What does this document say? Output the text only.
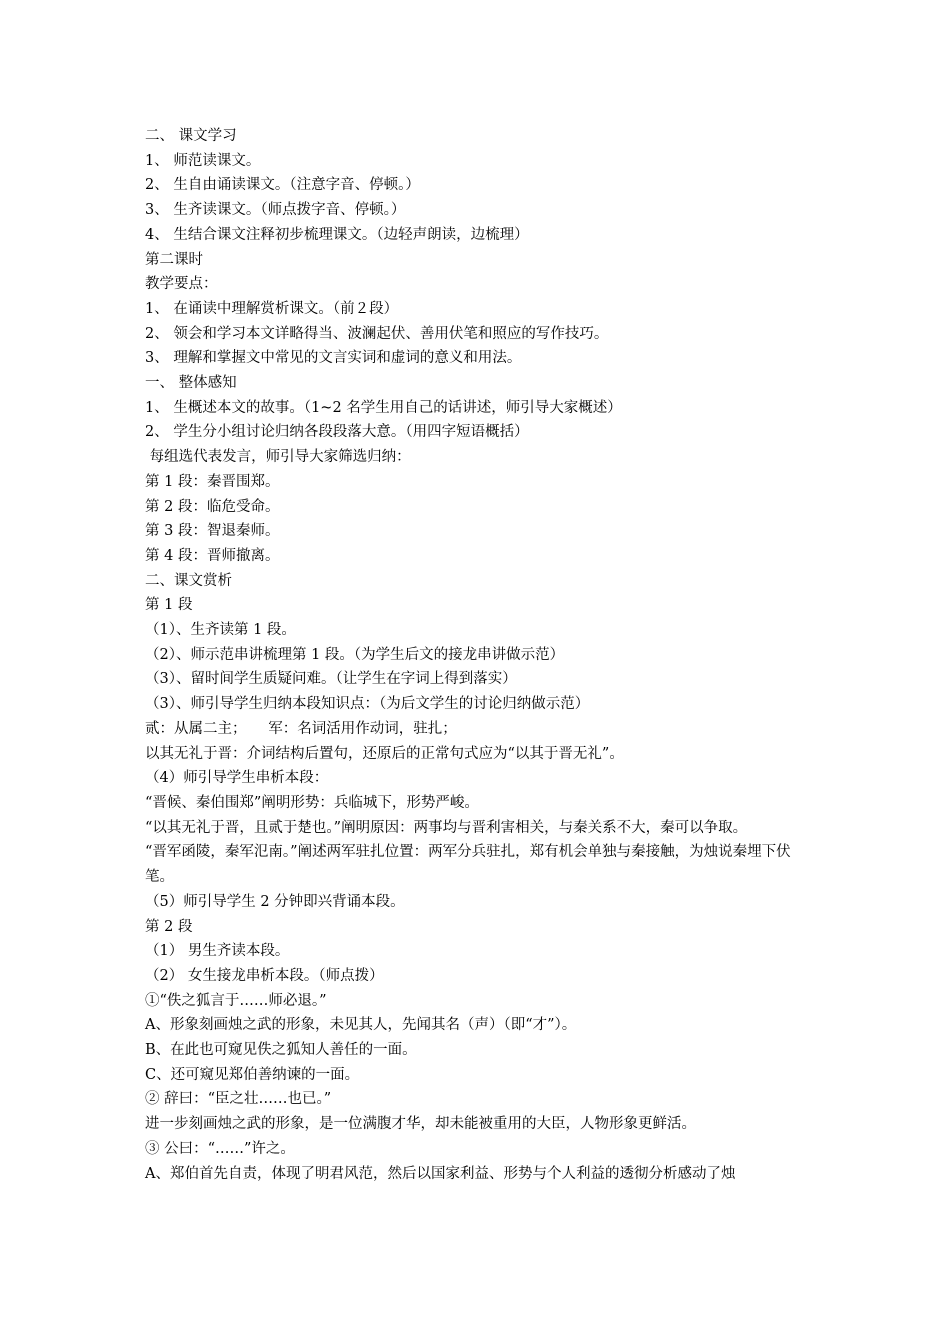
二、 课文学习
1、 师范读课文。
2、 生自由诵读课文。（注意字音、停顿。）
3、 生齐读课文。（师点拨字音、停顿。）
4、 生结合课文注释初步梳理课文。（边轻声朗读，边梳理）
第二课时
教学要点：
1、 在诵读中理解赏析课文。（前２段）
2、 领会和学习本文详略得当、波澜起伏、善用伏笔和照应的写作技巧。
3、 理解和掌握文中常见的文言实词和虚词的意义和用法。
一、 整体感知
1、 生概述本文的故事。（1~2 名学生用自己的话讲述，师引导大家概述）
2、 学生分小组讨论归纳各段段落大意。（用四字短语概括）
每组选代表发言，师引导大家筛选归纳：
第 1 段：秦晋围郑。
第 2 段：临危受命。
第 3 段：智退秦师。
第 4 段：晋师撤离。
二、课文赏析
第 1 段
（1）、生齐读第 1 段。
（2）、师示范串讲梳理第 1 段。（为学生后文的接龙串讲做示范）
（3）、留时间学生质疑问难。（让学生在字词上得到落实）
（3）、师引导学生归纳本段知识点：（为后文学生的讨论归纳做示范）
贰：从属二主；　　军：名词活用作动词，驻扎；
以其无礼于晋：介词结构后置句，还原后的正常句式应为“以其于晋无礼”。
（4）师引导学生串析本段：
“晋候、秦伯围郑”阐明形势：兵临城下，形势严峻。
“以其无礼于晋，且贰于楚也。”阐明原因：两事均与晋利害相关，与秦关系不大，秦可以争取。
“晋军函陵，秦军氾南。”阐述两军驻扎位置：两军分兵驻扎，郑有机会单独与秦接触，为烛说秦埋下伏笔。
（5）师引导学生 2 分钟即兴背诵本段。
第 2 段
（1） 男生齐读本段。
（2） 女生接龙串析本段。（师点拨）
①“佚之狐言于……师必退。”
A、形象刻画烛之武的形象，未见其人，先闻其名（声）（即“才”）。
B、在此也可窥见佚之狐知人善任的一面。
C、还可窥见郑伯善纳谏的一面。
② 辞曰：“臣之壮……也已。”
进一步刻画烛之武的形象，是一位满腹才华，却未能被重用的大臣，人物形象更鲜活。
③ 公曰：“……”许之。
A、郑伯首先自责，体现了明君风范，然后以国家利益、形势与个人利益的透彻分析感动了烛
